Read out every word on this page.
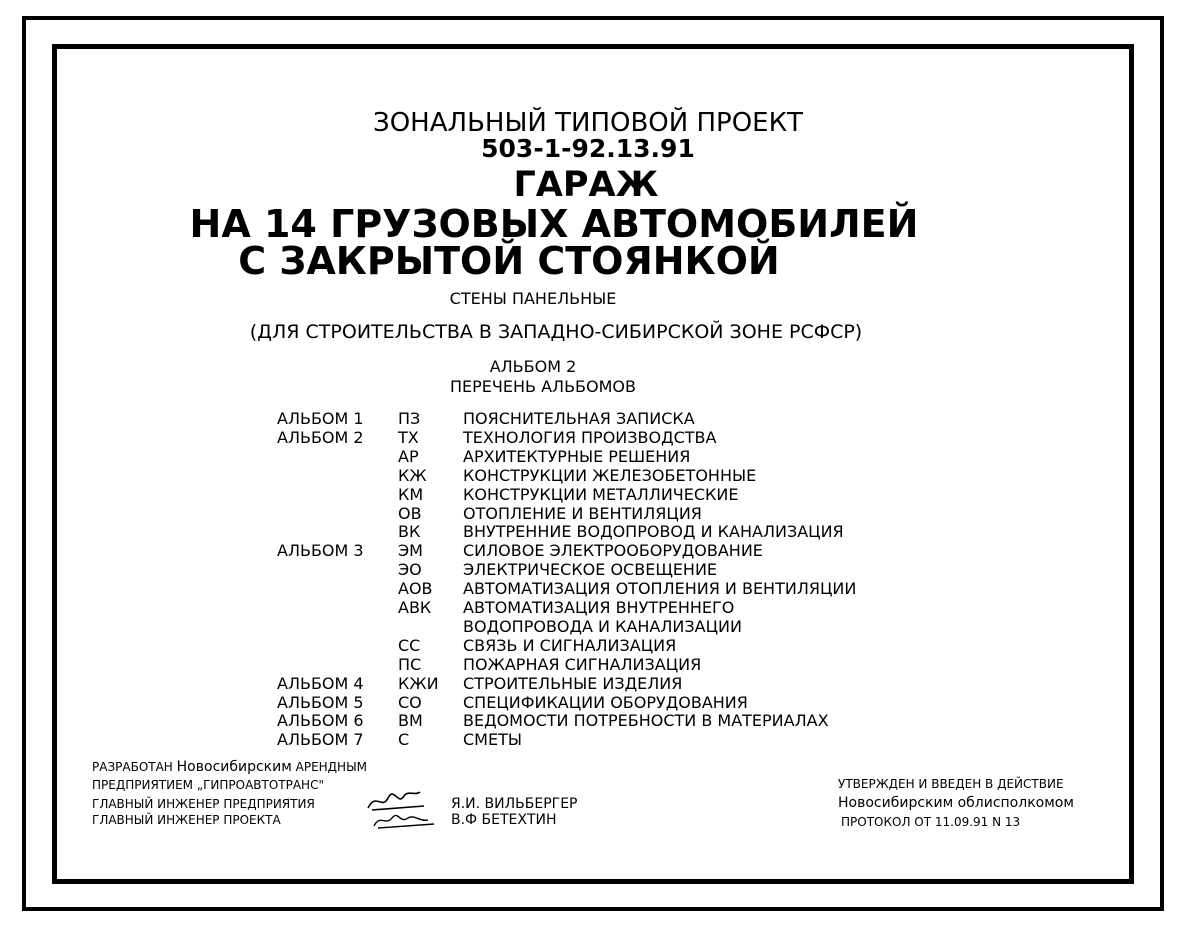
ЗОНАЛЬНЫЙ ТИПОВОЙ ПРОЕКТ
503-1-92.13.91
ГАРАЖ
НА 14 ГРУЗОВЫХ АВТОМОБИЛЕЙ
С ЗАКРЫТОЙ СТОЯНКОЙ
СТЕНЫ ПАНЕЛЬНЫЕ
(ДЛЯ СТРОИТЕЛЬСТВА В ЗАПАДНО-СИБИРСКОЙ ЗОНЕ РСФСР)
АЛЬБОМ 2
ПЕРЕЧЕНЬ АЛЬБОМОВ
АЛЬБОМ 1 ПЗ	ПОЯСНИТЕЛЬНАЯ ЗАПИСКА
АЛЬБОМ 2 ТХ	ТЕХНОЛОГИЯ ПРОИЗВОДСТВА
АР	АРХИТЕКТУРНЫЕ РЕШЕНИЯ
КЖ КОНСТРУКЦИИ ЖЕЛЕЗОБЕТОННЫЕ
КМ КОНСТРУКЦИИ МЕТАЛЛИЧЕСКИЕ
ОВ	ОТОПЛЕНИЕ И ВЕНТИЛЯЦИЯ
ВК	ВНУТРЕННИЕ ВОДОПРОВОД И КАНАЛИЗАЦИЯ
АЛЬБОМ 3 ЭМ	СИЛОВОЕ ЭЛЕКТРООБОРУДОВАНИЕ
ЭО	ЭЛЕКТРИЧЕСКОЕ ОСВЕЩЕНИЕ
АОВ АВТОМАТИЗАЦИЯ ОТОПЛЕНИЯ И ВЕНТИЛЯЦИИ
АВК АВТОМАТИЗАЦИЯ ВНУТРЕННЕГО
ВОДОПРОВОДА И КАНАЛИЗАЦИИ
СС	СВЯЗЬ И СИГНАЛИЗАЦИЯ
ПС	ПОЖАРНАЯ СИГНАЛИЗАЦИЯ
АЛЬБОМ 4 КЖИ СТРОИТЕЛЬНЫЕ ИЗДЕЛИЯ
АЛЬБОМ 5 СО	СПЕЦИФИКАЦИИ ОБОРУДОВАНИЯ
АЛЬБОМ 6 ВМ	ВЕДОМОСТИ ПОТРЕБНОСТИ В МАТЕРИАЛАХ
АЛЬБОМ 7 С	СМЕТЫ
РАЗРАБОТАН Новосибирским АРЕНДНЫМ
ПРЕДПРИЯТИЕМ „ГИПРОАВТОТРАНС"
ГЛАВНЫЙ ИНЖЕНЕР ПРЕДПРИЯТИЯ
ГЛАВНЫЙ ИНЖЕНЕР ПРОЕКТА
Я.И. ВИЛЬБЕРГЕР
В.Ф БЕТЕХТИН
УТВЕРЖДЕН И ВВЕДЕН В ДЕЙСТВИЕ
Новосибирским облисполкомом
ПРОТОКОЛ ОТ 11.09.91 N 13
